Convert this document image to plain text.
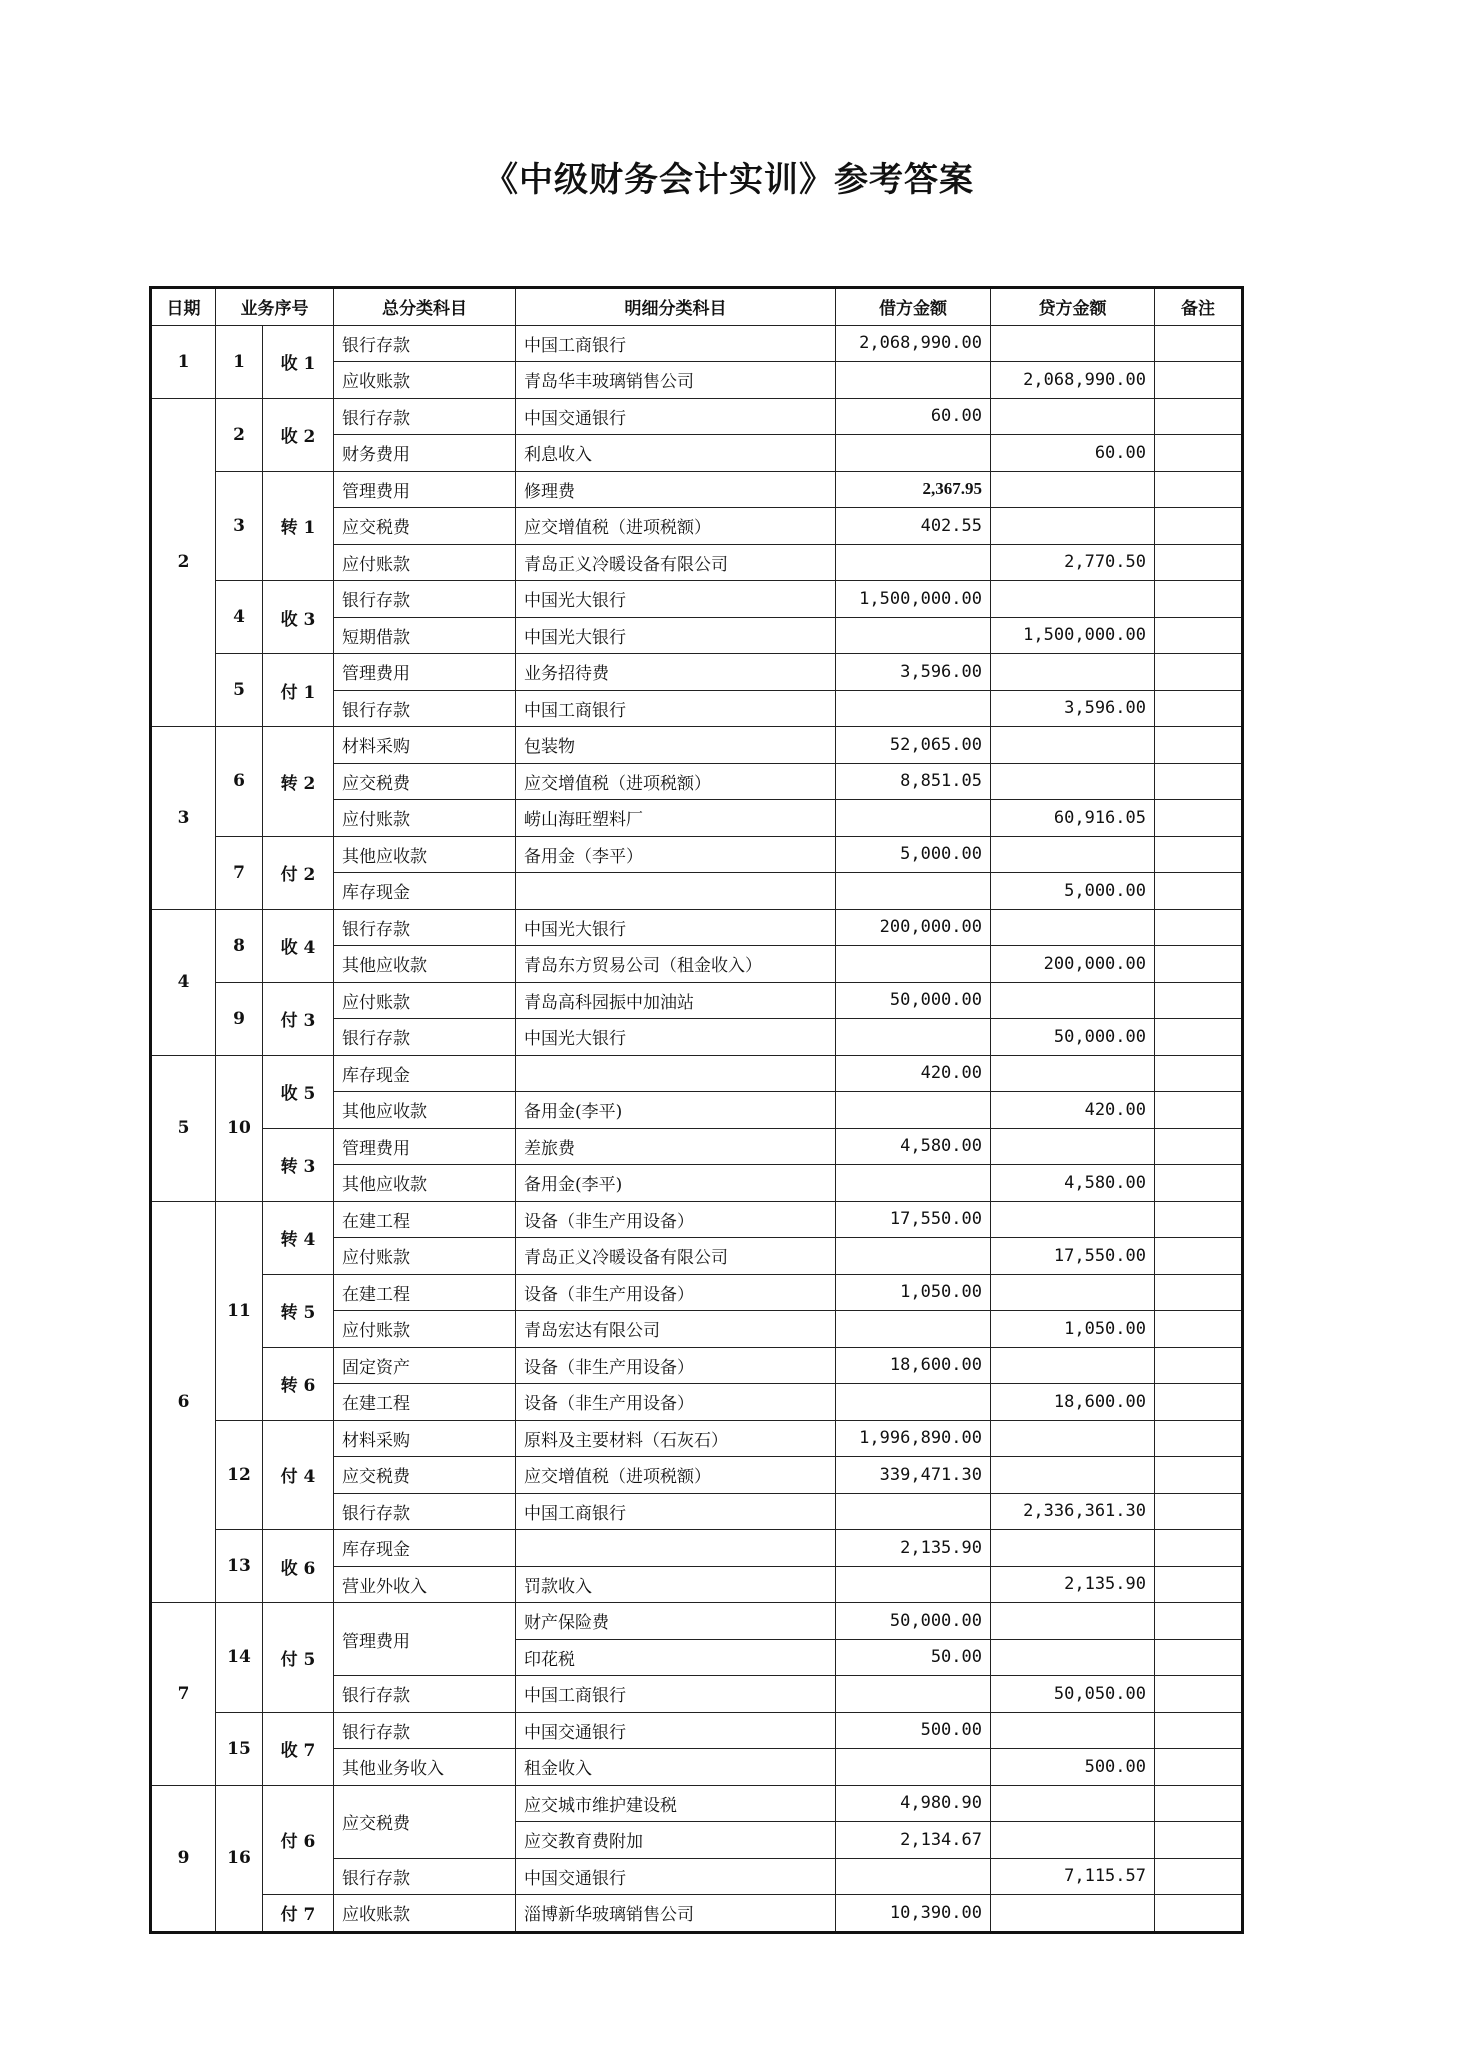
《中级财务会计实训》参考答案
日期	业务序号		总分类科目	明细分类科目	借方金额	贷方金额	备注
1	1	收 1	银行存款	中国工商银行	2,068,990.00		
			应收账款	青岛华丰玻璃销售公司		2,068,990.00	
2	2	收 2	银行存款	中国交通银行	60.00		
			财务费用	利息收入		60.00	
	3	转 1	管理费用	修理费	2,367.95		
			应交税费	应交增值税（进项税额）	402.55		
			应付账款	青岛正义冷暖设备有限公司		2,770.50	
	4	收 3	银行存款	中国光大银行	1,500,000.00		
			短期借款	中国光大银行		1,500,000.00	
	5	付 1	管理费用	业务招待费	3,596.00		
			银行存款	中国工商银行		3,596.00	
3	6	转 2	材料采购	包装物	52,065.00		
			应交税费	应交增值税（进项税额）	8,851.05		
			应付账款	崂山海旺塑料厂		60,916.05	
	7	付 2	其他应收款	备用金（李平）	5,000.00		
			库存现金			5,000.00	
4	8	收 4	银行存款	中国光大银行	200,000.00		
			其他应收款	青岛东方贸易公司（租金收入）		200,000.00	
	9	付 3	应付账款	青岛高科园振中加油站	50,000.00		
			银行存款	中国光大银行		50,000.00	
5	10	收 5	库存现金		420.00		
			其他应收款	备用金(李平)		420.00	
		转 3	管理费用	差旅费	4,580.00		
			其他应收款	备用金(李平)		4,580.00	
6	11	转 4	在建工程	设备（非生产用设备）	17,550.00		
			应付账款	青岛正义冷暖设备有限公司		17,550.00	
		转 5	在建工程	设备（非生产用设备）	1,050.00		
			应付账款	青岛宏达有限公司		1,050.00	
		转 6	固定资产	设备（非生产用设备）	18,600.00		
			在建工程	设备（非生产用设备）		18,600.00	
	12	付 4	材料采购	原料及主要材料（石灰石）	1,996,890.00		
			应交税费	应交增值税（进项税额）	339,471.30		
			银行存款	中国工商银行		2,336,361.30	
	13	收 6	库存现金		2,135.90		
			营业外收入	罚款收入		2,135.90	
7	14	付 5	管理费用	财产保险费	50,000.00		
				印花税	50.00		
			银行存款	中国工商银行		50,050.00	
	15	收 7	银行存款	中国交通银行	500.00		
			其他业务收入	租金收入		500.00	
9	16	付 6	应交税费	应交城市维护建设税	4,980.90		
				应交教育费附加	2,134.67		
			银行存款	中国交通银行		7,115.57	
		付 7	应收账款	淄博新华玻璃销售公司	10,390.00		
